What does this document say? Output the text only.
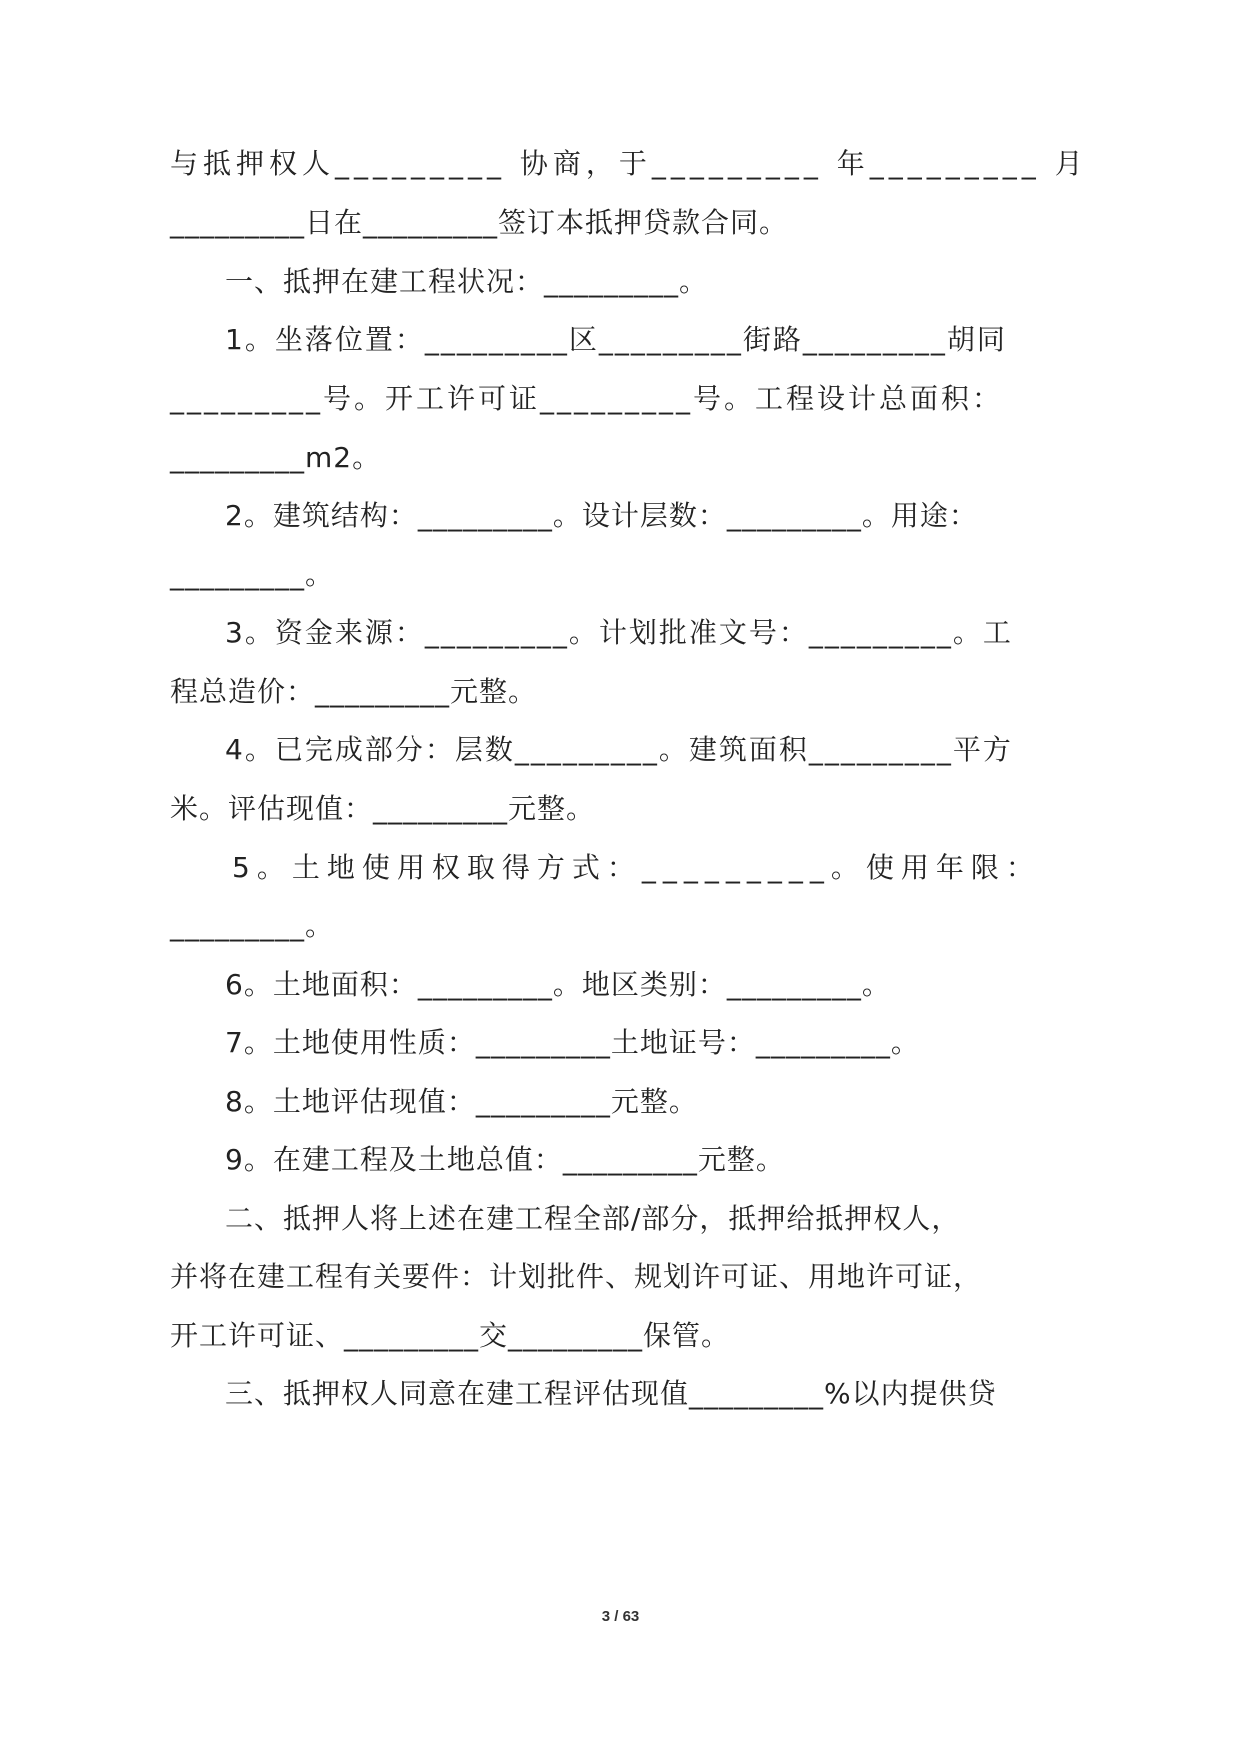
与抵押权人_________ 协商，于_________ 年_________ 月

_________日在_________签订本抵押贷款合同。

一、抵押在建工程状况：_________。

1。坐落位置：_________区_________街路_________胡同

_________号。开工许可证_________号。工程设计总面积：

_________m2。

2。建筑结构：_________。设计层数：_________。用途：

_________。

3。资金来源：_________。计划批准文号：_________。工

程总造价：_________元整。

4。已完成部分：层数_________。建筑面积_________平方

米。评估现值：_________元整。

5。土地使用权取得方式：_________。使用年限：

_________。

6。土地面积：_________。地区类别：_________。

7。土地使用性质：_________土地证号：_________。

8。土地评估现值：_________元整。

9。在建工程及土地总值：_________元整。

二、抵押人将上述在建工程全部/部分，抵押给抵押权人，

并将在建工程有关要件：计划批件、规划许可证、用地许可证，

开工许可证、_________交_________保管。

三、抵押权人同意在建工程评估现值_________%以内提供贷

3 / 63
